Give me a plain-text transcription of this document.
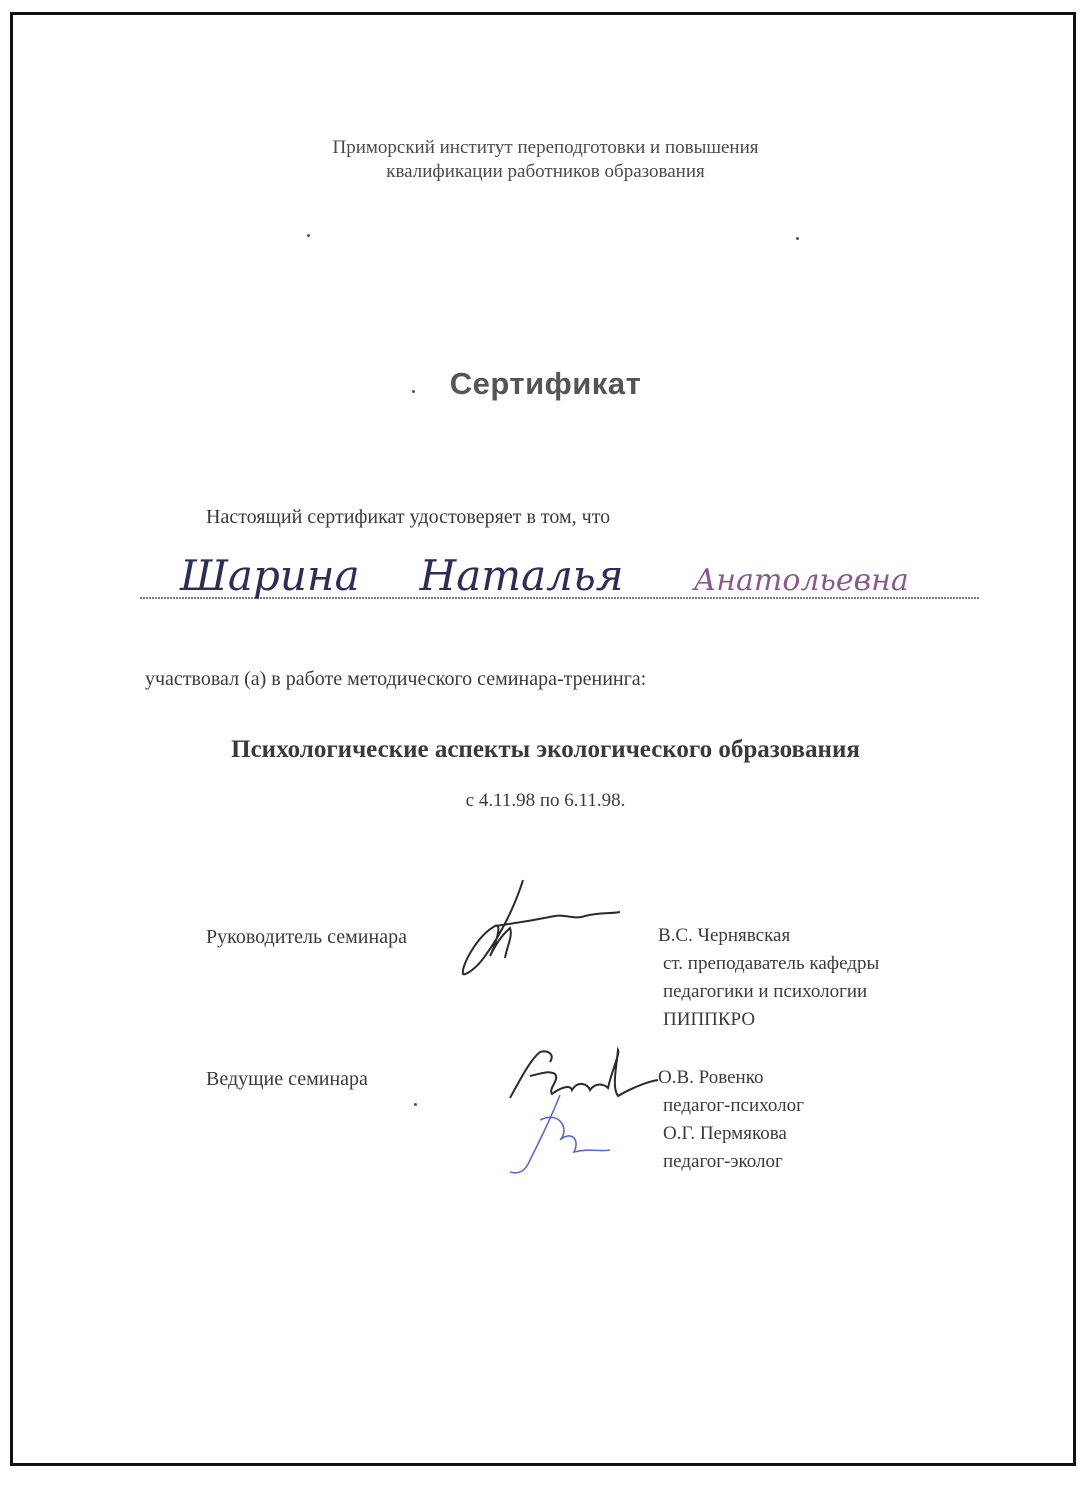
Приморский институт переподготовки и повышения
квалификации работников образования
Сертификат
Настоящий сертификат удостоверяет в том, что
Шарина Наталья Анатольевна
участвовал (а) в работе методического семинара-тренинга:
Психологические аспекты экологического образования
с 4.11.98 по 6.11.98.
Руководитель семинара	В.С. Чернявская
ст. преподаватель кафедры
педагогики и психологии
ПИППКРО
Ведущие семинара	О.В. Ровенко
педагог-психолог
О.Г. Пермякова
педагог-эколог
